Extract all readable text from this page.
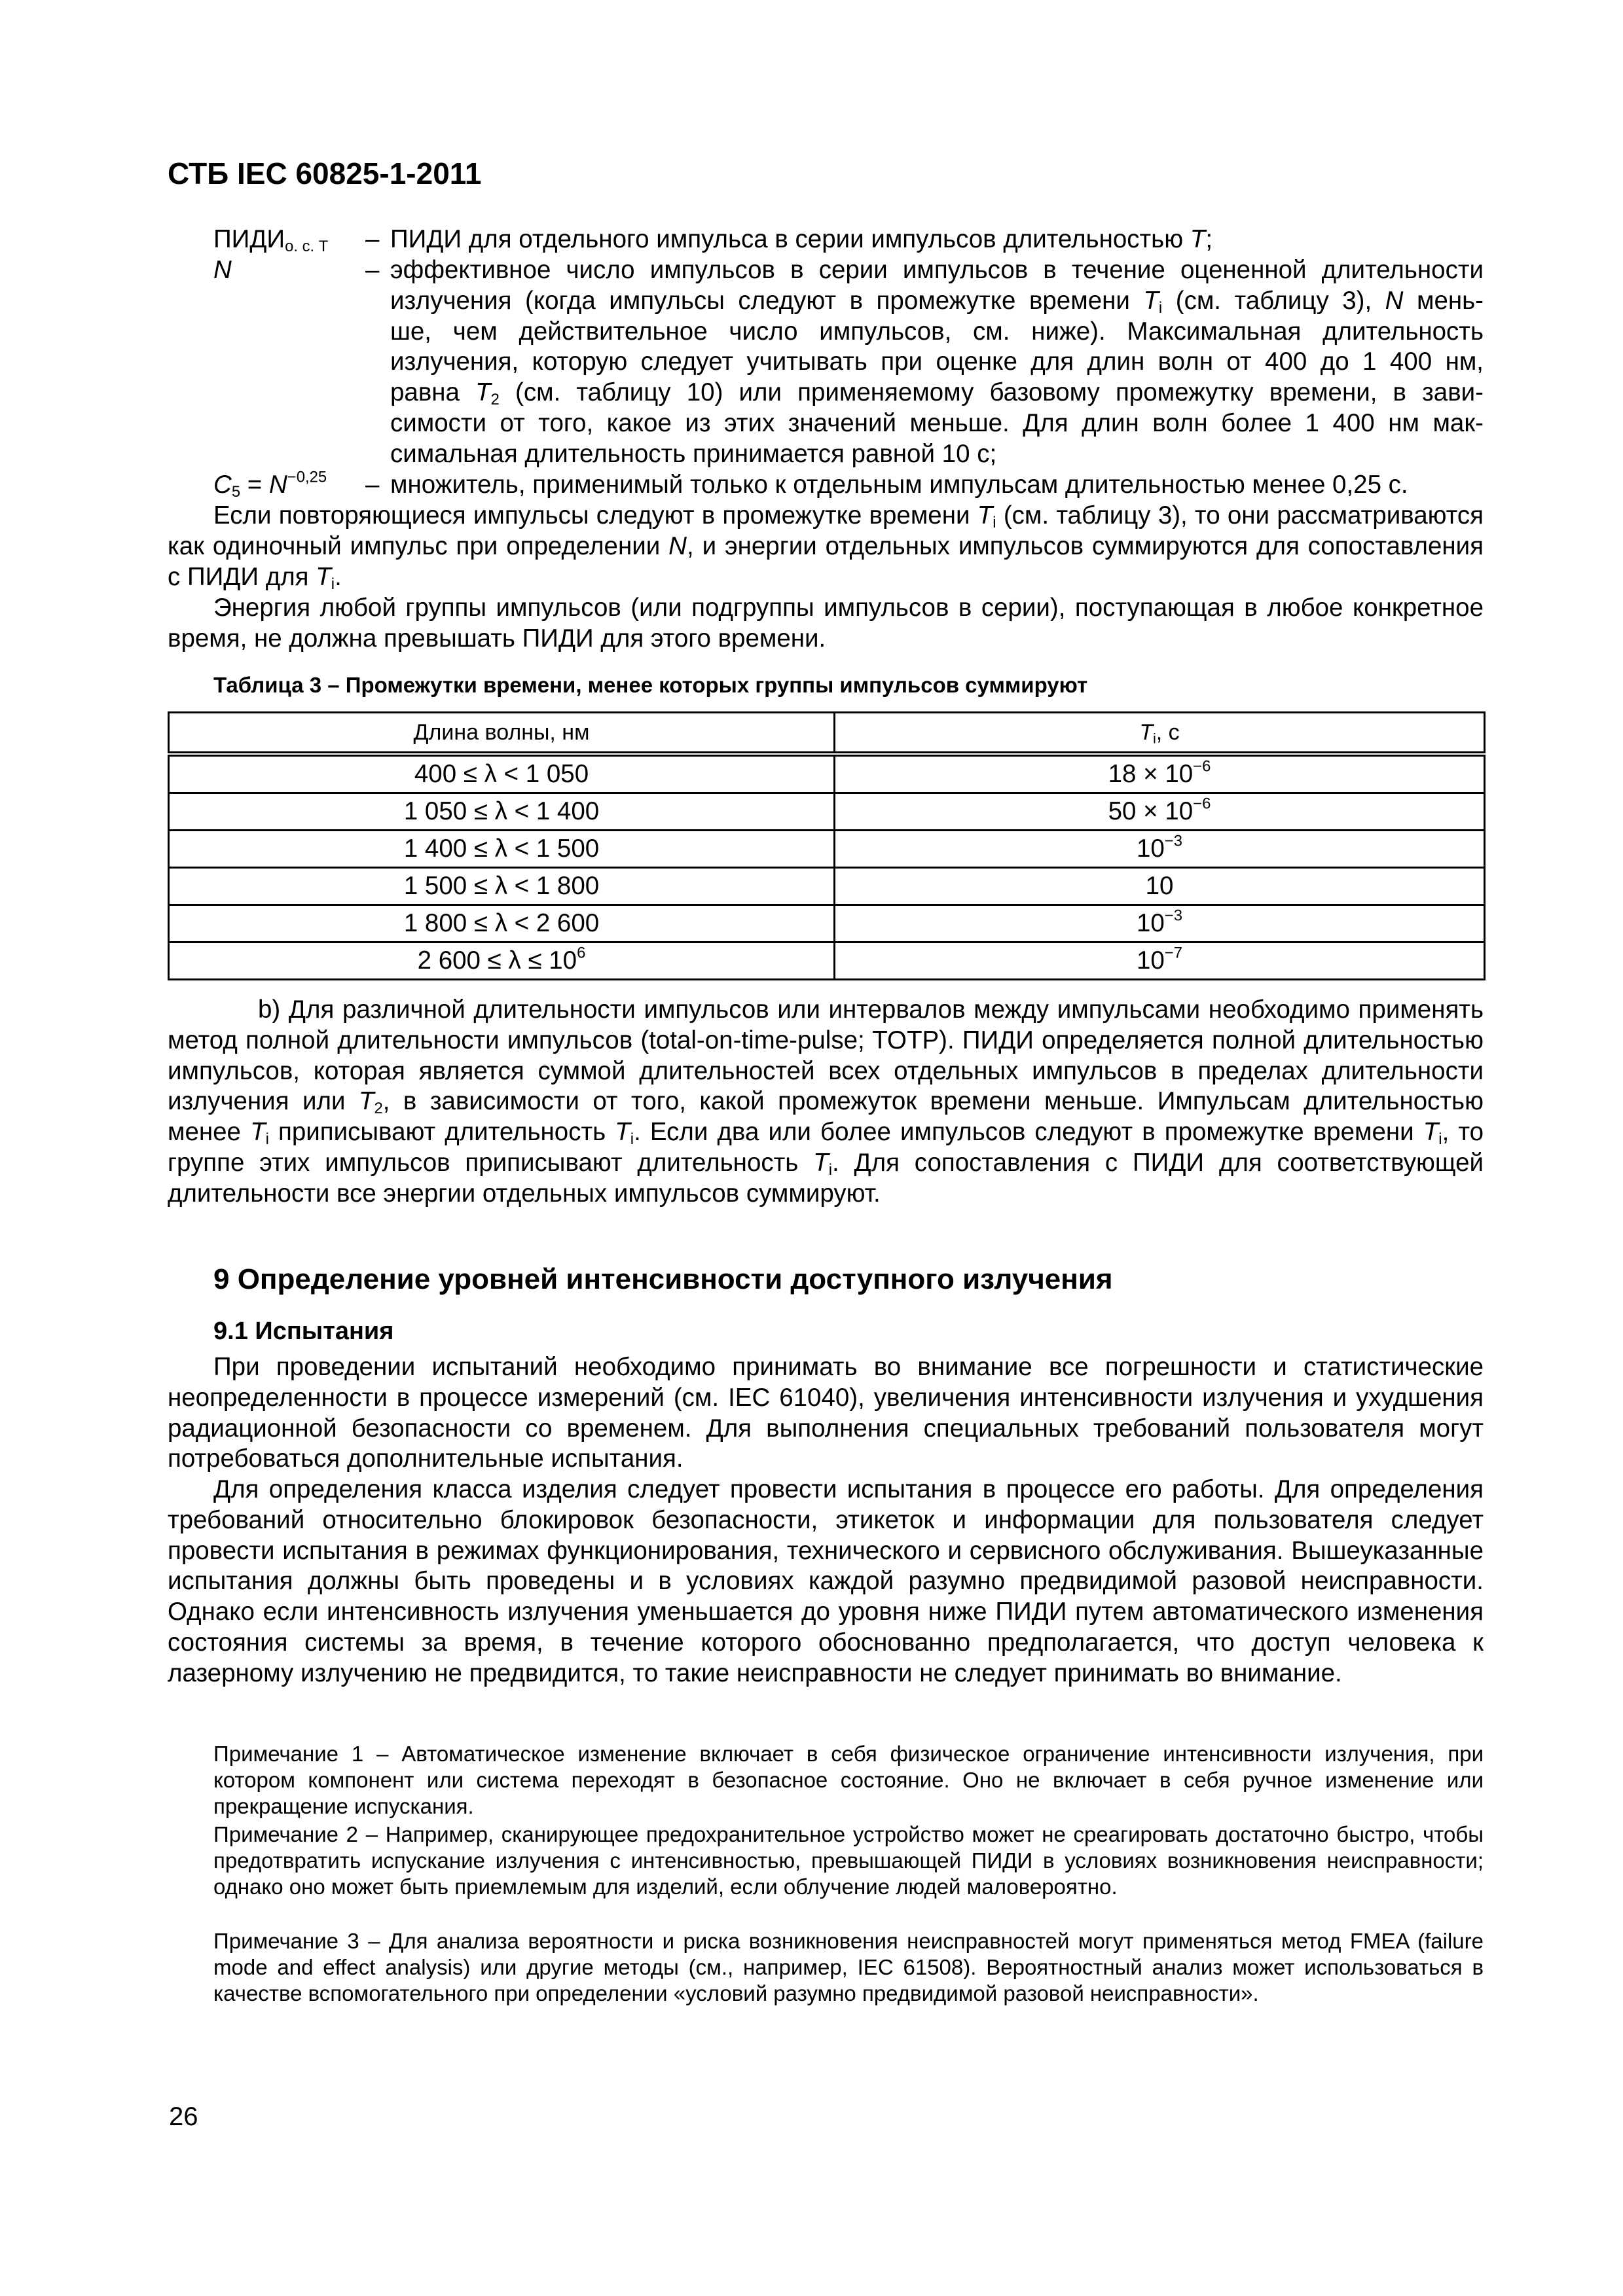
СТБ IEC 60825-1-2011
$ПИДИ_{о. с. Т}$ – ПИДИ для отдельного импульса в серии импульсов длительностью T;
N	– эффективное число импульсов в серии импульсов в течение оцененной длительности
излучения (когда импульсы следуют в промежутке времени $T_i$ (см. таблицу 3), N мень-
ше, чем действительное число импульсов, см. ниже). Максимальная длительность
излучения, которую следует учитывать при оценке для длин волн от 400 до 1 400 нм,
равна $T_2$ (см. таблицу 10) или применяемому базовому промежутку времени, в зави-
симости от того, какое из этих значений меньше. Для длин волн более 1 400 нм мак-
симальная длительность принимается равной 10 с;
$C_5 = N^{-0,25}$ – множитель, применимый только к отдельным импульсам длительностью менее 0,25 с.
Если повторяющиеся импульсы следуют в промежутке времени $T_i$ (см. таблицу 3), то они рассматриваются как одиночный импульс при определении N, и энергии отдельных импульсов суммируются для сопоставления с ПИДИ для $T_i$.
Энергия любой группы импульсов (или подгруппы импульсов в серии), поступающая в любое конкретное время, не должна превышать ПИДИ для этого времени.
Таблица 3 – Промежутки времени, менее которых группы импульсов суммируют
Длина волны, нм	$T_i$, с
400 ≤ λ < 1 050	$18 \times 10^{-6}$
1 050 ≤ λ < 1 400	$50 \times 10^{-6}$
1 400 ≤ λ < 1 500	$10^{-3}$
1 500 ≤ λ < 1 800	10
1 800 ≤ λ < 2 600	$10^{-3}$
2 $600 \le \lambda \le 10^6$	$10^{-7}$
b) Для различной длительности импульсов или интервалов между импульсами необходимо применять метод полной длительности импульсов (total-on-time-pulse; TOTP). ПИДИ определяется полной длительностью импульсов, которая является суммой длительностей всех отдельных импульсов в пределах длительности излучения или $T_2$, в зависимости от того, какой промежуток времени меньше. Импульсам длительностью менее $T_i$ приписывают длительность $T_i$. Если два или более импульсов следуют в промежутке времени $T_i$, то группе этих импульсов приписывают длительность $T_i$. Для сопоставления с ПИДИ для соответствующей длительности все энергии отдельных импульсов суммируют.
9 Определение уровней интенсивности доступного излучения
9.1 Испытания
При проведении испытаний необходимо принимать во внимание все погрешности и статистические неопределенности в процессе измерений (см. IEC 61040), увеличения интенсивности излучения и ухудшения радиационной безопасности со временем. Для выполнения специальных требований пользователя могут потребоваться дополнительные испытания.
Для определения класса изделия следует провести испытания в процессе его работы. Для определения требований относительно блокировок безопасности, этикеток и информации для пользователя следует провести испытания в режимах функционирования, технического и сервисного обслуживания. Вышеуказанные испытания должны быть проведены и в условиях каждой разумно предвидимой разовой неисправности. Однако если интенсивность излучения уменьшается до уровня ниже ПИДИ путем автоматического изменения состояния системы за время, в течение которого обоснованно предполагается, что доступ человека к лазерному излучению не предвидится, то такие неисправности не следует принимать во внимание.
Примечание 1 – Автоматическое изменение включает в себя физическое ограничение интенсивности излучения, при котором компонент или система переходят в безопасное состояние. Оно не включает в себя ручное изменение или прекращение испускания.
Примечание 2 – Например, сканирующее предохранительное устройство может не среагировать достаточно быстро, чтобы предотвратить испускание излучения с интенсивностью, превышающей ПИДИ в условиях возникновения неисправности; однако оно может быть приемлемым для изделий, если облучение людей маловероятно.
Примечание 3 – Для анализа вероятности и риска возникновения неисправностей могут применяться метод FMEA (failure mode and effect analysis) или другие методы (см., например, IEC 61508). Вероятностный анализ может использоваться в качестве вспомогательного при определении «условий разумно предвидимой разовой неисправности».
26
